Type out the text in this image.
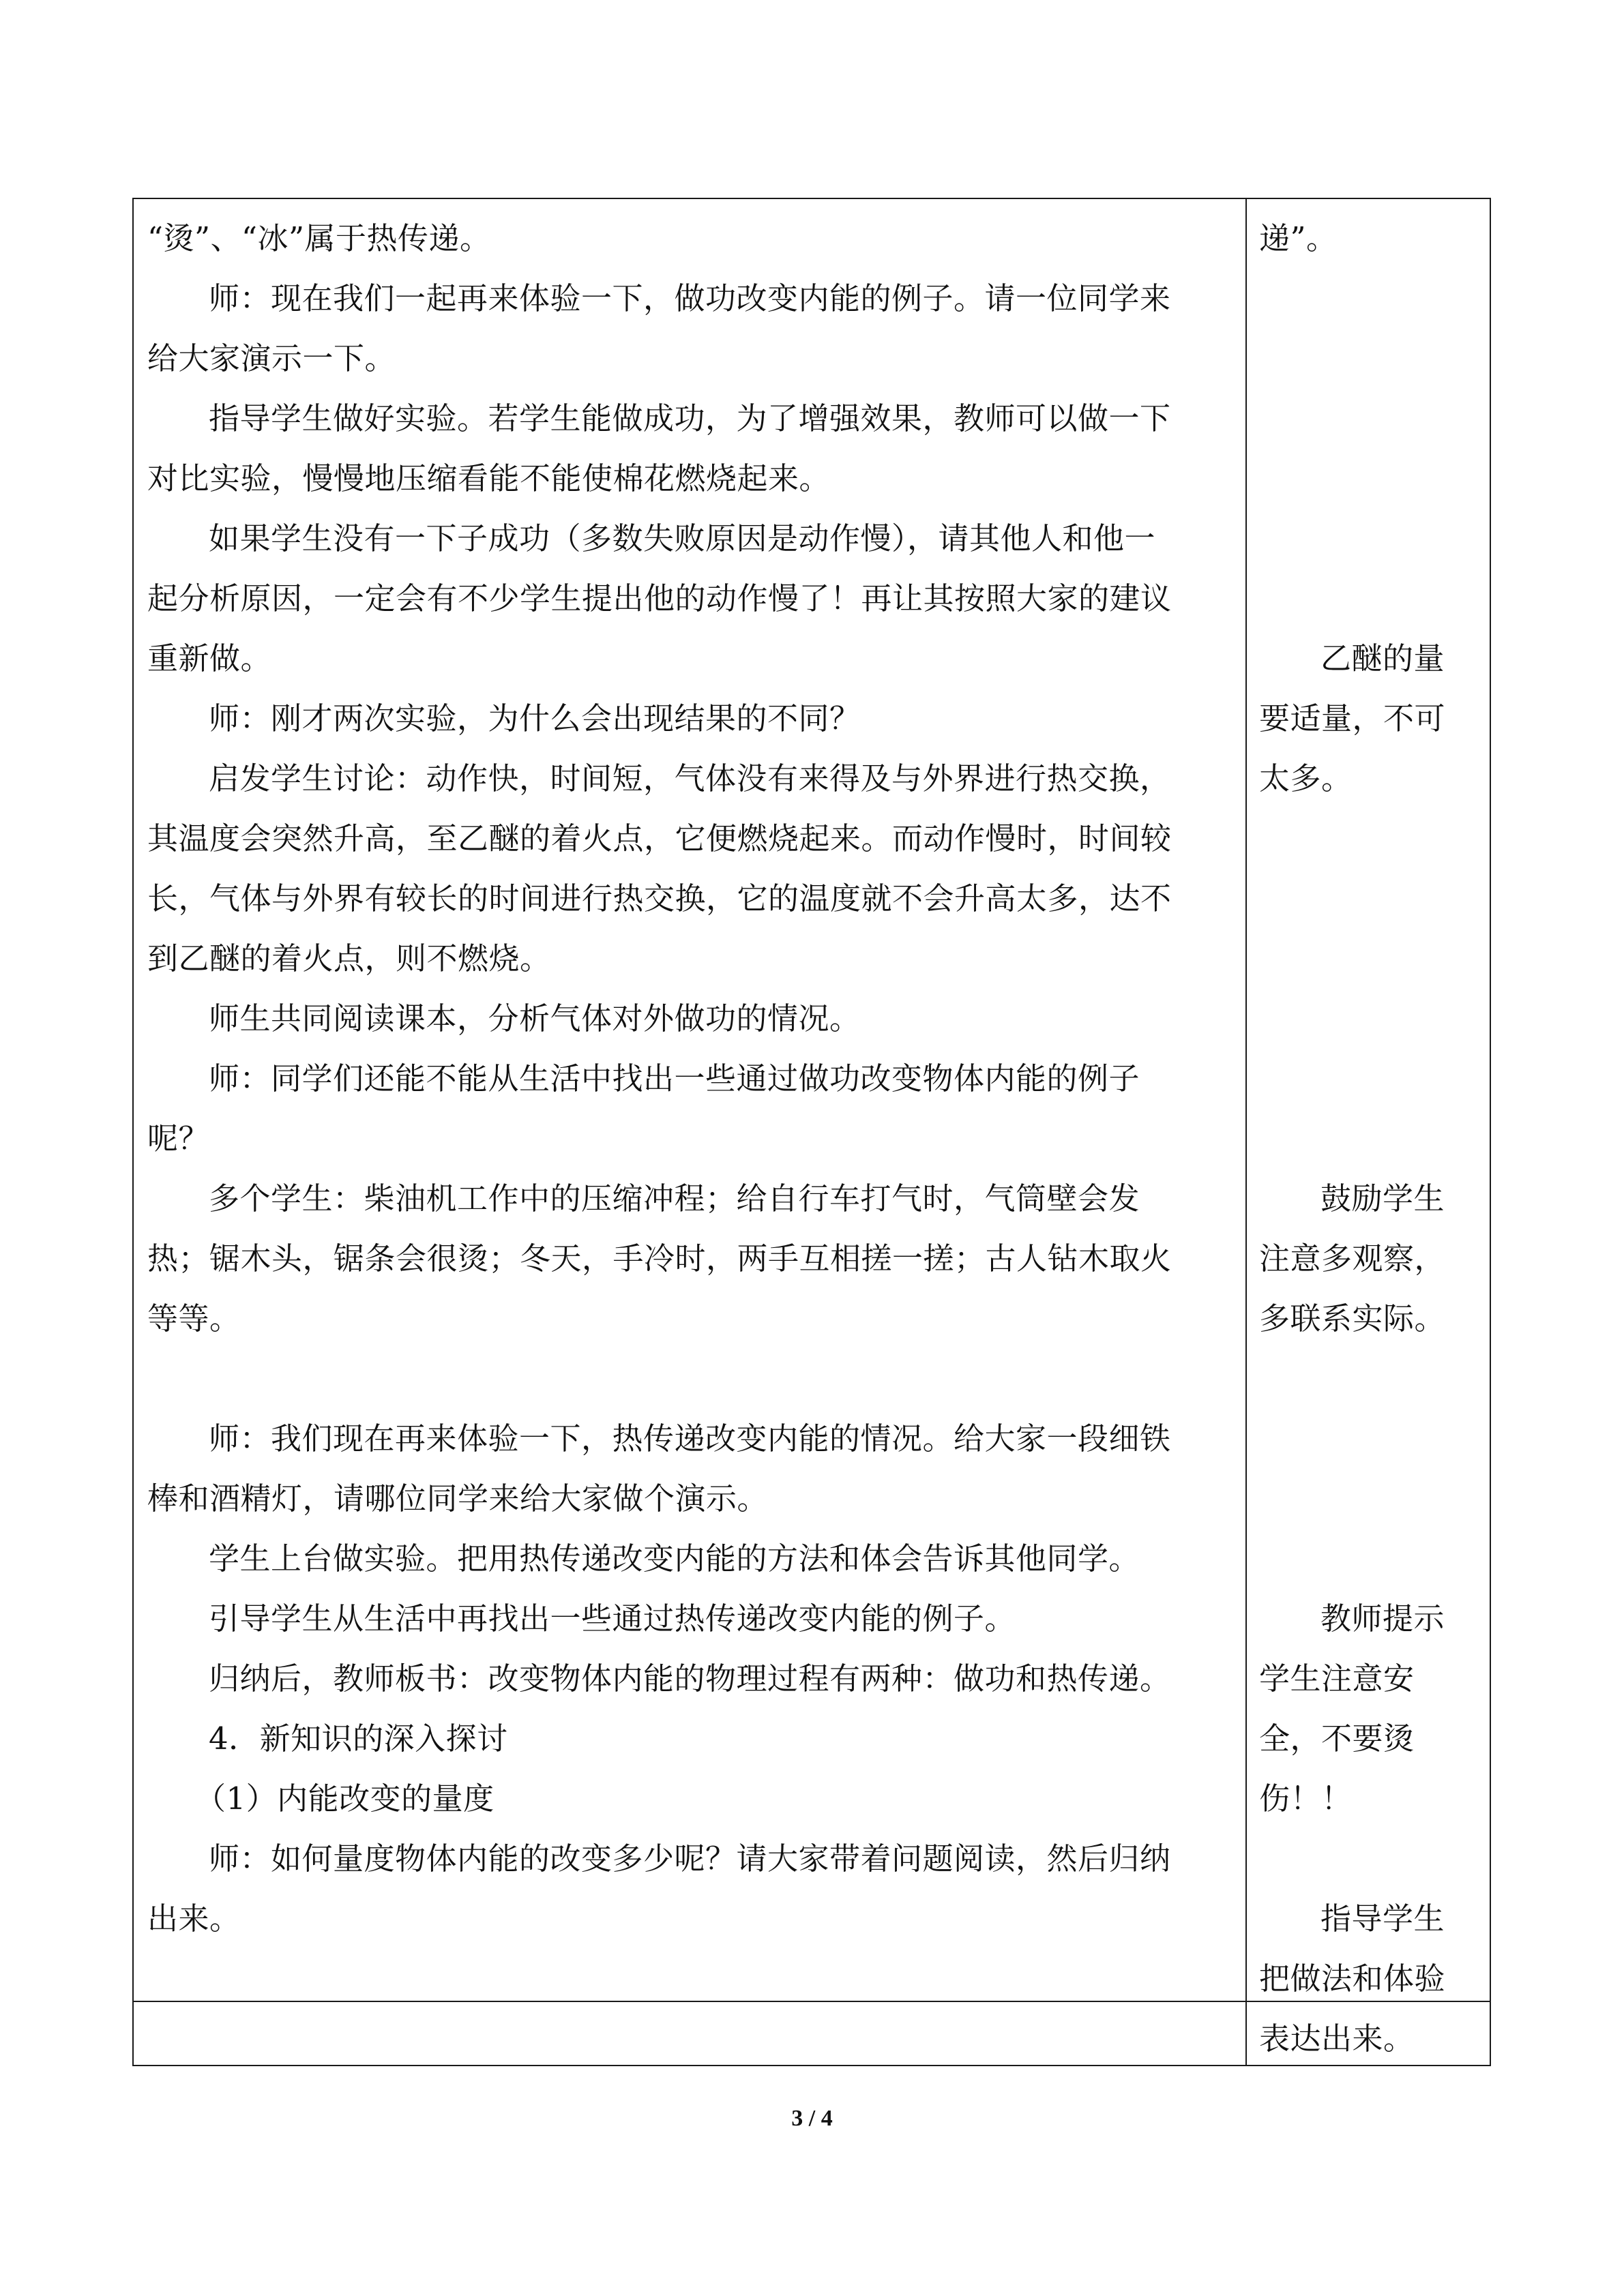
“烫”、“冰”属于热传递。
师：现在我们一起再来体验一下，做功改变内能的例子。请一位同学来
给大家演示一下。
指导学生做好实验。若学生能做成功，为了增强效果，教师可以做一下
对比实验，慢慢地压缩看能不能使棉花燃烧起来。
如果学生没有一下子成功（多数失败原因是动作慢），请其他人和他一
起分析原因，一定会有不少学生提出他的动作慢了！再让其按照大家的建议
重新做。
师：刚才两次实验，为什么会出现结果的不同？
启发学生讨论：动作快，时间短，气体没有来得及与外界进行热交换，
其温度会突然升高，至乙醚的着火点，它便燃烧起来。而动作慢时，时间较
长，气体与外界有较长的时间进行热交换，它的温度就不会升高太多，达不
到乙醚的着火点，则不燃烧。
师生共同阅读课本，分析气体对外做功的情况。
师：同学们还能不能从生活中找出一些通过做功改变物体内能的例子
呢？
多个学生：柴油机工作中的压缩冲程；给自行车打气时，气筒壁会发
热；锯木头，锯条会很烫；冬天，手冷时，两手互相搓一搓；古人钻木取火
等等。
师：我们现在再来体验一下，热传递改变内能的情况。给大家一段细铁
棒和酒精灯，请哪位同学来给大家做个演示。
学生上台做实验。把用热传递改变内能的方法和体会告诉其他同学。
引导学生从生活中再找出一些通过热传递改变内能的例子。
归纳后，教师板书：改变物体内能的物理过程有两种：做功和热传递。
4．新知识的深入探讨
（1）内能改变的量度
师：如何量度物体内能的改变多少呢？请大家带着问题阅读，然后归纳
出来。
递”。
乙醚的量
要适量，不可
太多。
鼓励学生
注意多观察，
多联系实际。
教师提示
学生注意安
全，不要烫
伤！！
指导学生
把做法和体验
表达出来。
3 / 4
